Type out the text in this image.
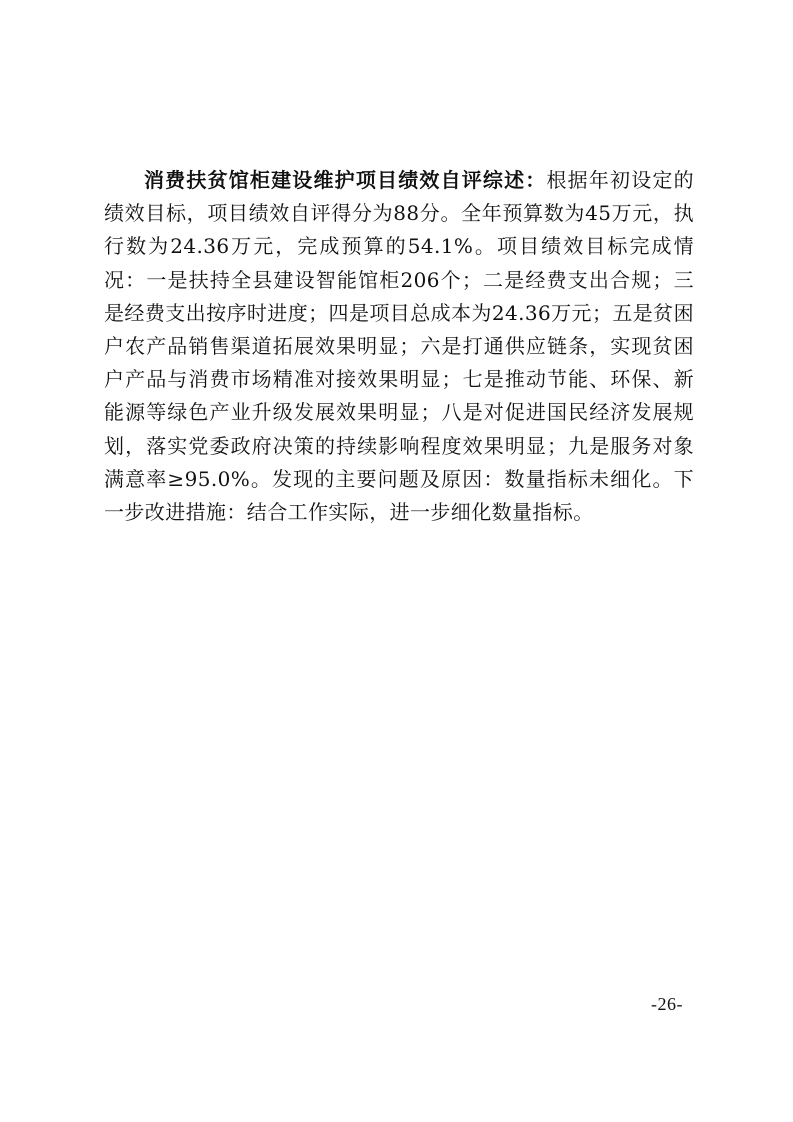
消费扶贫馆柜建设维护项目绩效自评综述：根据年初设定的绩效目标，项目绩效自评得分为88分。全年预算数为45万元，执行数为24.36万元，完成预算的54.1%。项目绩效目标完成情况：一是扶持全县建设智能馆柜206个；二是经费支出合规；三是经费支出按序时进度；四是项目总成本为24.36万元；五是贫困户农产品销售渠道拓展效果明显；六是打通供应链条，实现贫困户产品与消费市场精准对接效果明显；七是推动节能、环保、新能源等绿色产业升级发展效果明显；八是对促进国民经济发展规划，落实党委政府决策的持续影响程度效果明显；九是服务对象满意率≥95.0%。发现的主要问题及原因：数量指标未细化。下一步改进措施：结合工作实际，进一步细化数量指标。

-26-
